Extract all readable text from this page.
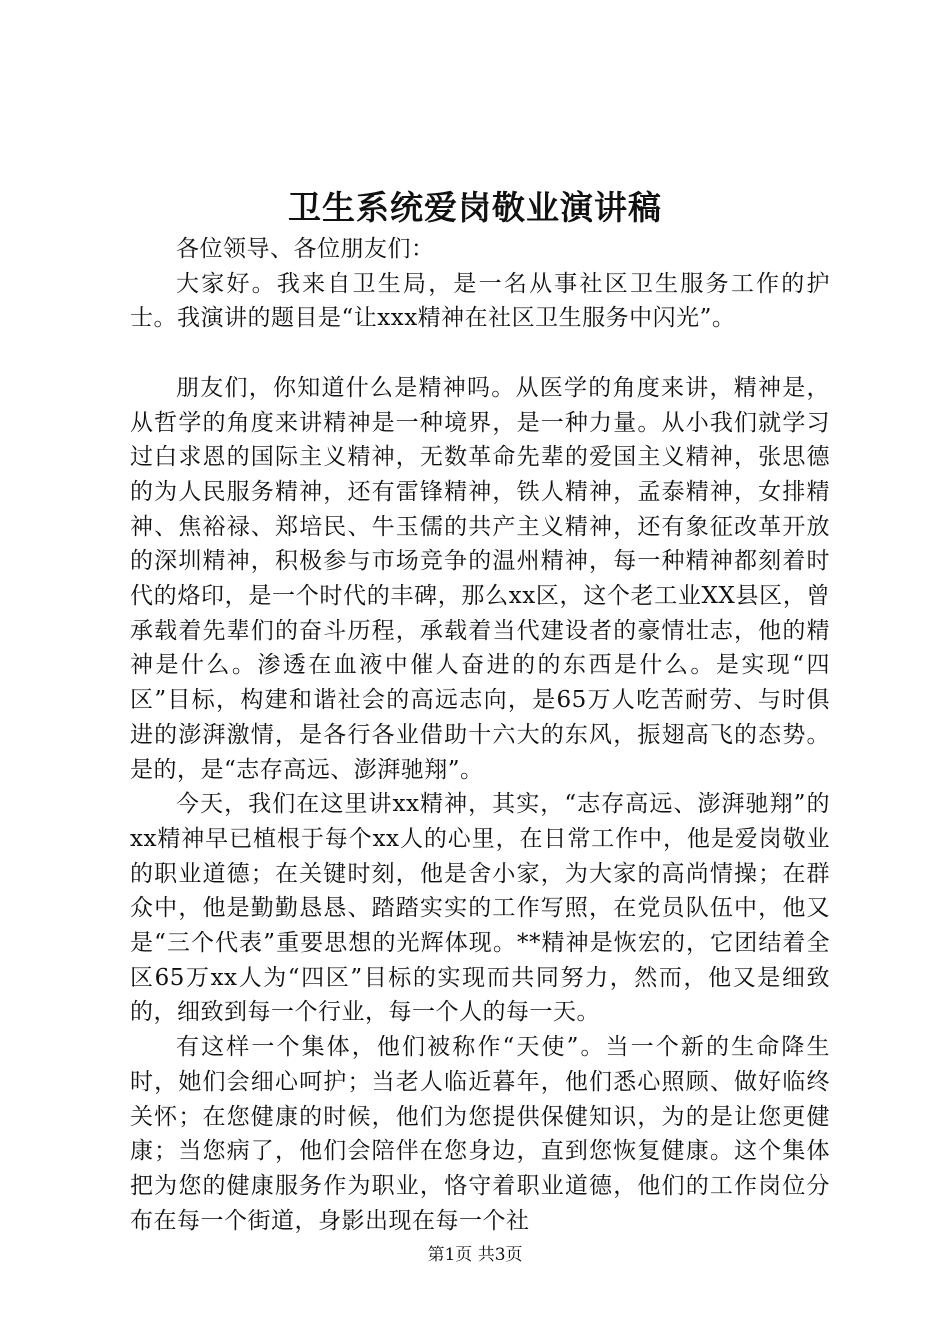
卫生系统爱岗敬业演讲稿

各位领导、各位朋友们：

大家好。我来自卫生局，是一名从事社区卫生服务工作的护士。我演讲的题目是“让xxx精神在社区卫生服务中闪光”。

朋友们，你知道什么是精神吗。从医学的角度来讲，精神是，从哲学的角度来讲精神是一种境界，是一种力量。从小我们就学习过白求恩的国际主义精神，无数革命先辈的爱国主义精神，张思德的为人民服务精神，还有雷锋精神，铁人精神，孟泰精神，女排精神、焦裕禄、郑培民、牛玉儒的共产主义精神，还有象征改革开放的深圳精神，积极参与市场竞争的温州精神，每一种精神都刻着时代的烙印，是一个时代的丰碑，那么xx区，这个老工业XX县区，曾承载着先辈们的奋斗历程，承载着当代建设者的豪情壮志，他的精神是什么。渗透在血液中催人奋进的的东西是什么。是实现“四区”目标，构建和谐社会的高远志向，是65万人吃苦耐劳、与时俱进的澎湃激情，是各行各业借助十六大的东风，振翅高飞的态势。是的，是“志存高远、澎湃驰翔”。

今天，我们在这里讲xx精神，其实，“志存高远、澎湃驰翔”的xx精神早已植根于每个xx人的心里，在日常工作中，他是爱岗敬业的职业道德；在关键时刻，他是舍小家，为大家的高尚情操；在群众中，他是勤勤恳恳、踏踏实实的工作写照，在党员队伍中，他又是“三个代表”重要思想的光辉体现。**精神是恢宏的，它团结着全区65万xx人为“四区”目标的实现而共同努力，然而，他又是细致的，细致到每一个行业，每一个人的每一天。

有这样一个集体，他们被称作“天使”。当一个新的生命降生时，她们会细心呵护；当老人临近暮年，他们悉心照顾、做好临终关怀；在您健康的时候，他们为您提供保健知识，为的是让您更健康；当您病了，他们会陪伴在您身边，直到您恢复健康。这个集体把为您的健康服务作为职业，恪守着职业道德，他们的工作岗位分布在每一个街道，身影出现在每一个社

第1页 共3页
